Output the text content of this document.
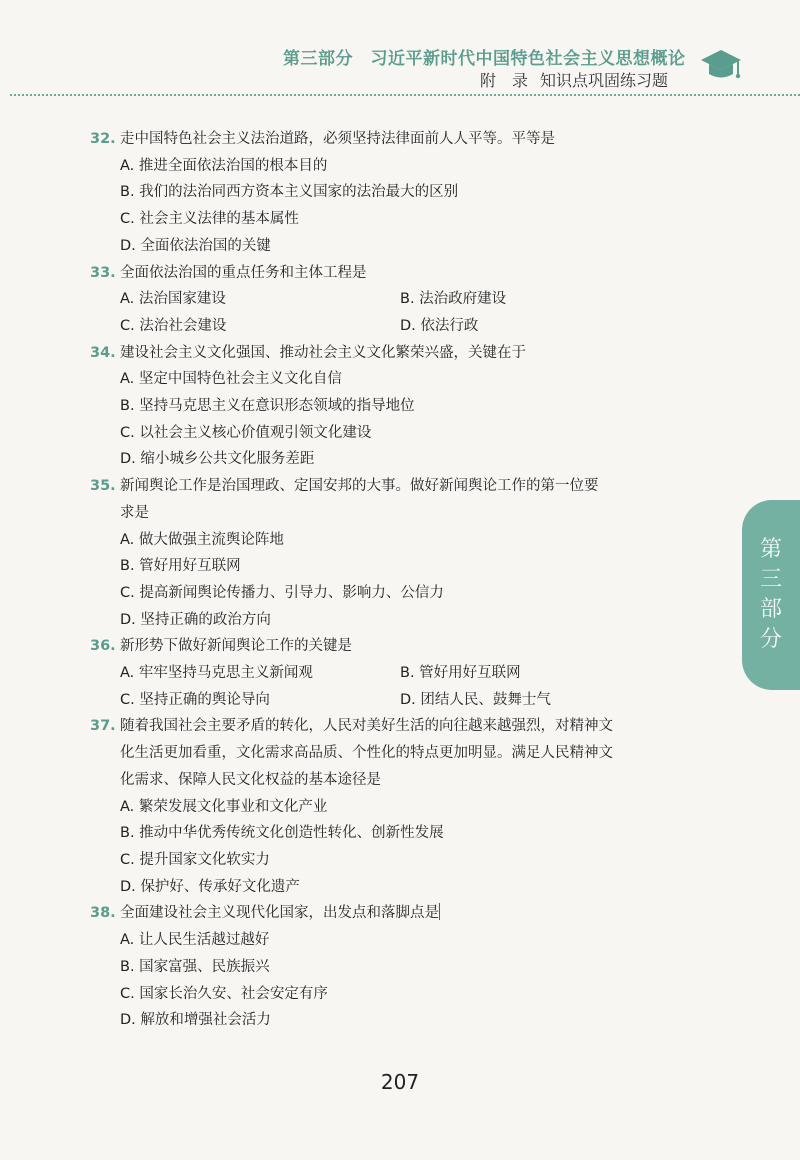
第三部分　习近平新时代中国特色社会主义思想概论
附　录 知识点巩固练习题
32. 走中国特色社会主义法治道路，必须坚持法律面前人人平等。平等是
A. 推进全面依法治国的根本目的
B. 我们的法治同西方资本主义国家的法治最大的区别
C. 社会主义法律的基本属性
D. 全面依法治国的关键
33. 全面依法治国的重点任务和主体工程是
A. 法治国家建设	B. 法治政府建设
C. 法治社会建设	D. 依法行政
34. 建设社会主义文化强国、推动社会主义文化繁荣兴盛，关键在于
A. 坚定中国特色社会主义文化自信
B. 坚持马克思主义在意识形态领域的指导地位
C. 以社会主义核心价值观引领文化建设
D. 缩小城乡公共文化服务差距
35. 新闻舆论工作是治国理政、定国安邦的大事。做好新闻舆论工作的第一位要
求是
A. 做大做强主流舆论阵地
B. 管好用好互联网
C. 提高新闻舆论传播力、引导力、影响力、公信力
D. 坚持正确的政治方向
36. 新形势下做好新闻舆论工作的关键是
A. 牢牢坚持马克思主义新闻观	B. 管好用好互联网
C. 坚持正确的舆论导向	D. 团结人民、鼓舞士气
37. 随着我国社会主要矛盾的转化，人民对美好生活的向往越来越强烈，对精神文
化生活更加看重，文化需求高品质、个性化的特点更加明显。满足人民精神文
化需求、保障人民文化权益的基本途径是
A. 繁荣发展文化事业和文化产业
B. 推动中华优秀传统文化创造性转化、创新性发展
C. 提升国家文化软实力
D. 保护好、传承好文化遗产
38. 全面建设社会主义现代化国家，出发点和落脚点是
A. 让人民生活越过越好
B. 国家富强、民族振兴
C. 国家长治久安、社会安定有序
D. 解放和增强社会活力
第
三
部
分
207
